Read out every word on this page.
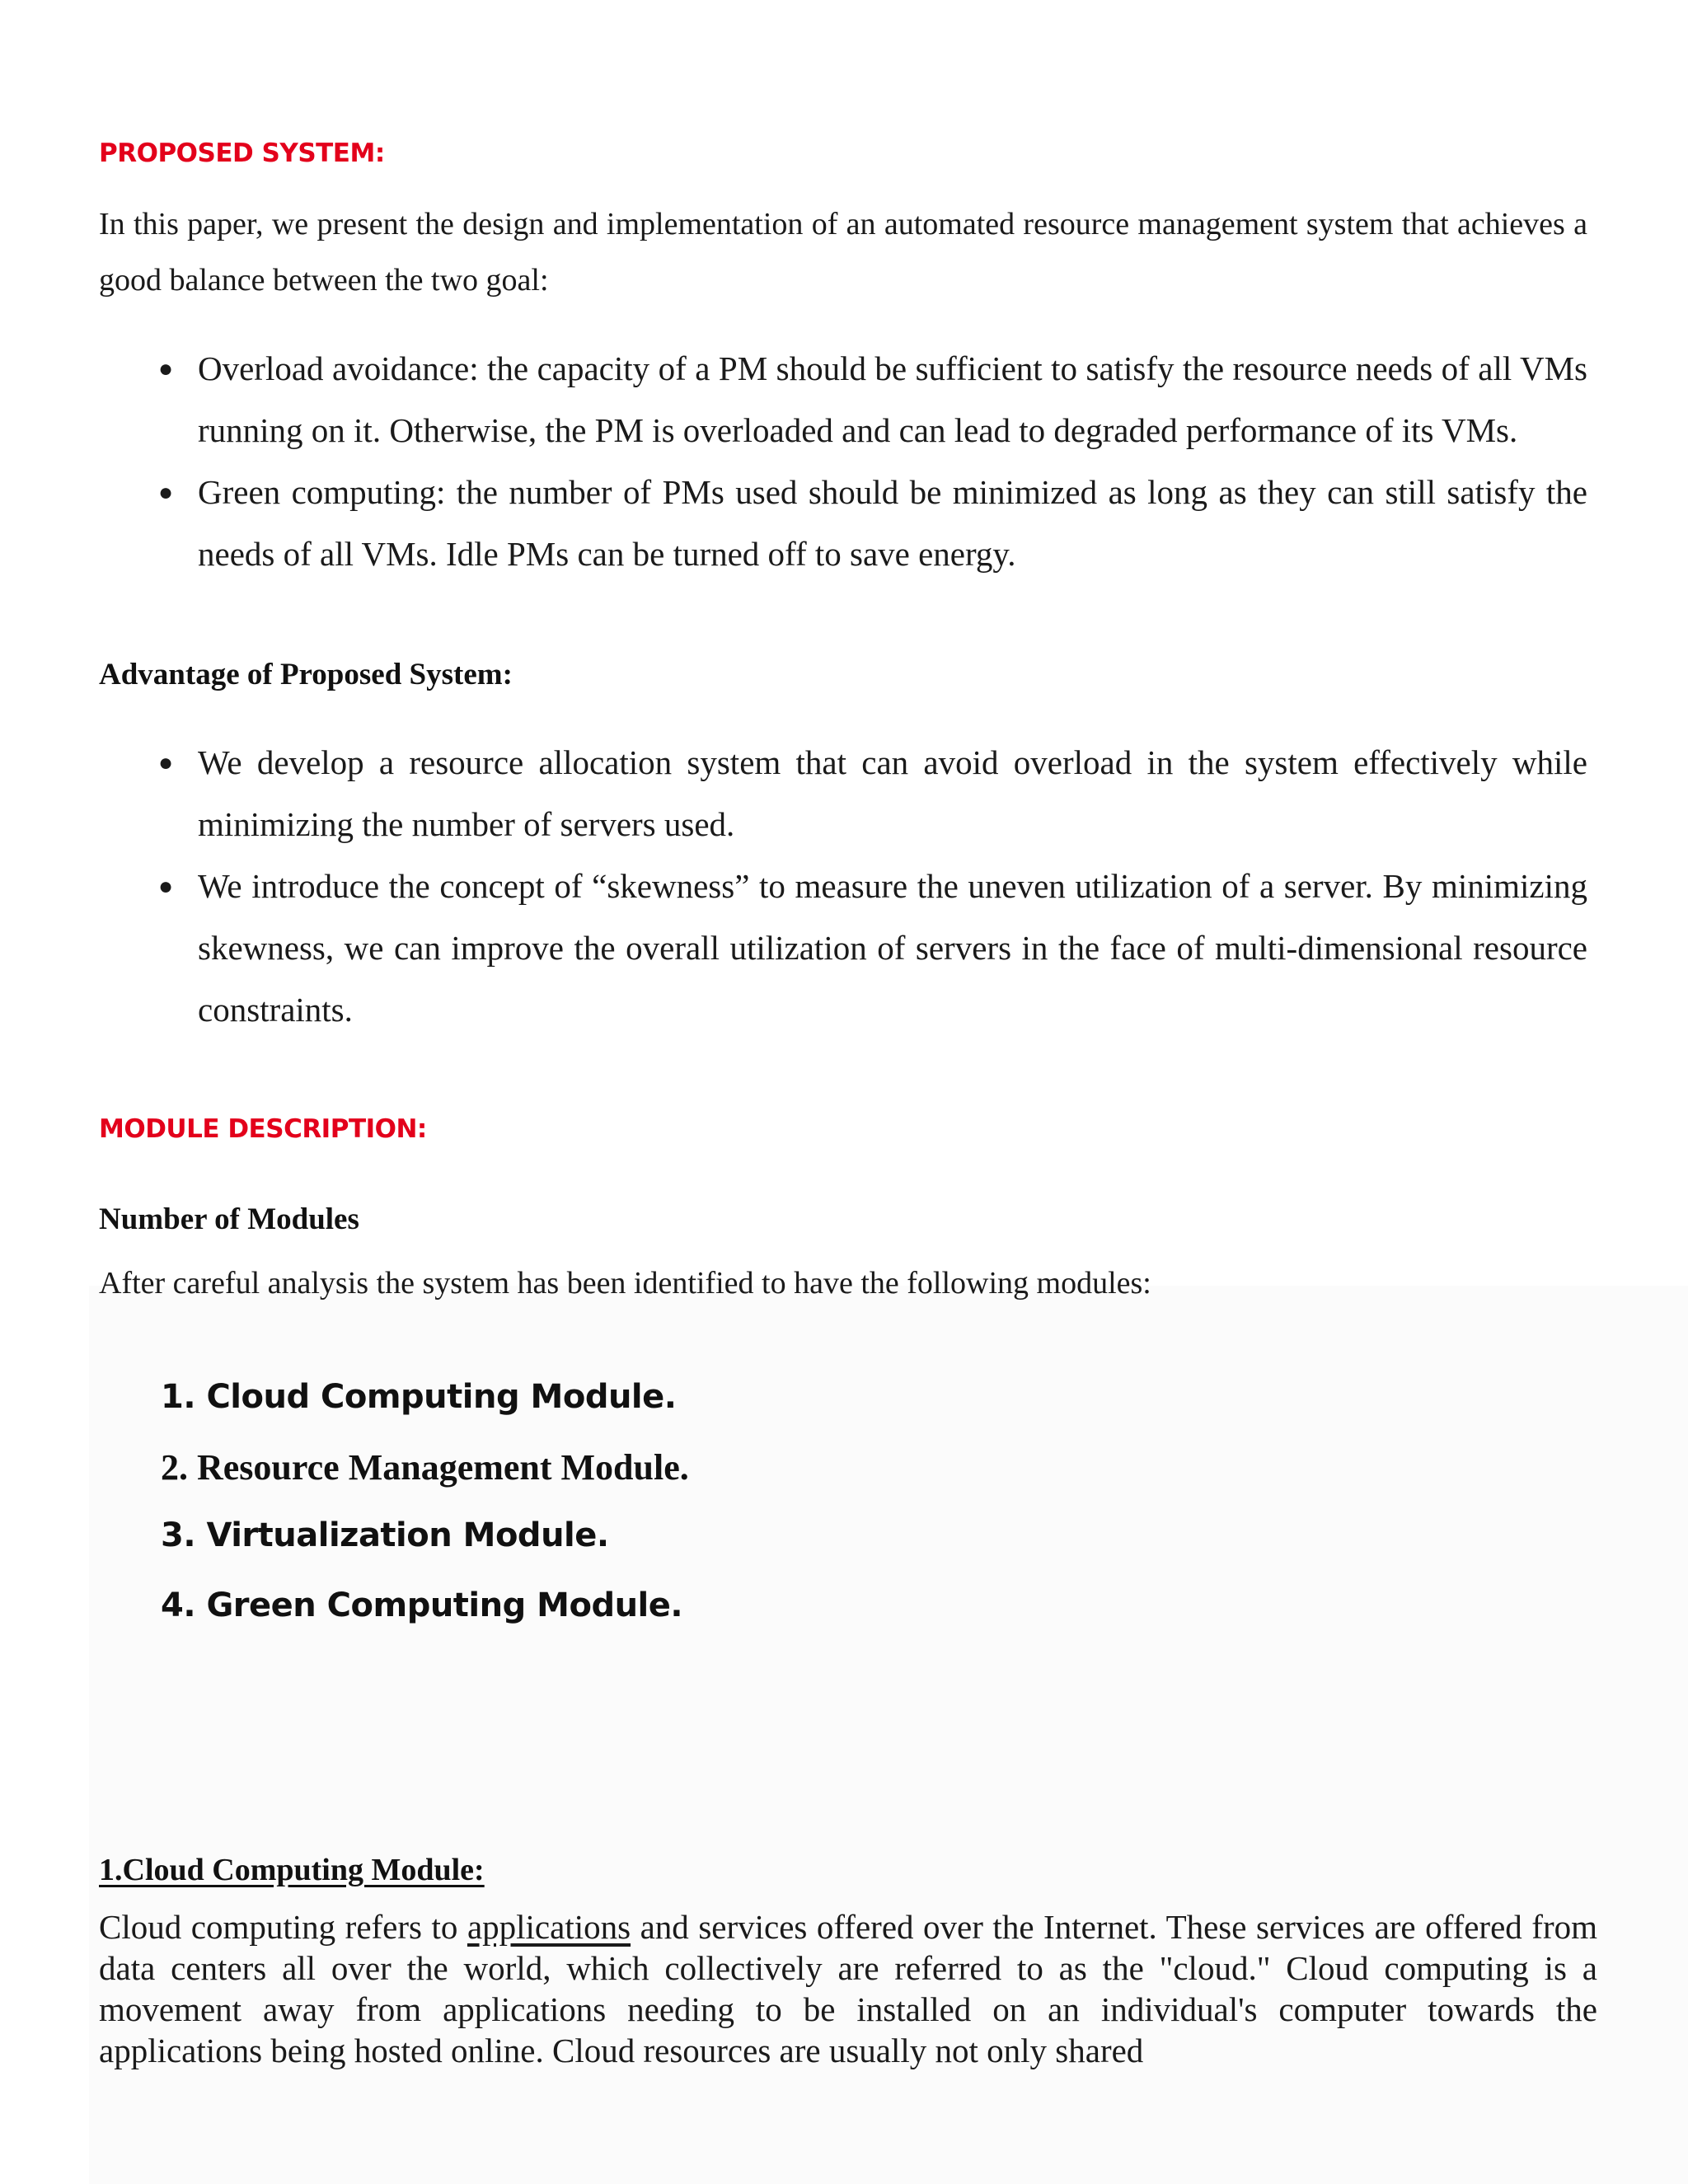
PROPOSED SYSTEM:

In this paper, we present the design and implementation of an automated resource management system that achieves a good balance between the two goal:

● Overload avoidance: the capacity of a PM should be sufficient to satisfy the resource needs of all VMs running on it. Otherwise, the PM is overloaded and can lead to degraded performance of its VMs.
● Green computing: the number of PMs used should be minimized as long as they can still satisfy the needs of all VMs. Idle PMs can be turned off to save energy.
Advantage of Proposed System:
● We develop a resource allocation system that can avoid overload in the system effectively while minimizing the number of servers used.
● We introduce the concept of “skewness” to measure the uneven utilization of a server. By minimizing skewness, we can improve the overall utilization of servers in the face of multi-dimensional resource constraints.
MODULE DESCRIPTION:
Number of Modules
After careful analysis the system has been identified to have the following modules:
1. Cloud Computing Module.
2. Resource Management Module.
3. Virtualization Module.
4. Green Computing Module.
1.Cloud Computing Module:

Cloud computing refers to applications and services offered over the Internet. These services are offered from data centers all over the world, which collectively are referred to as the "cloud." Cloud computing is a movement away from applications needing to be installed on an individual's computer towards the applications being hosted online. Cloud resources are usually not only shared
